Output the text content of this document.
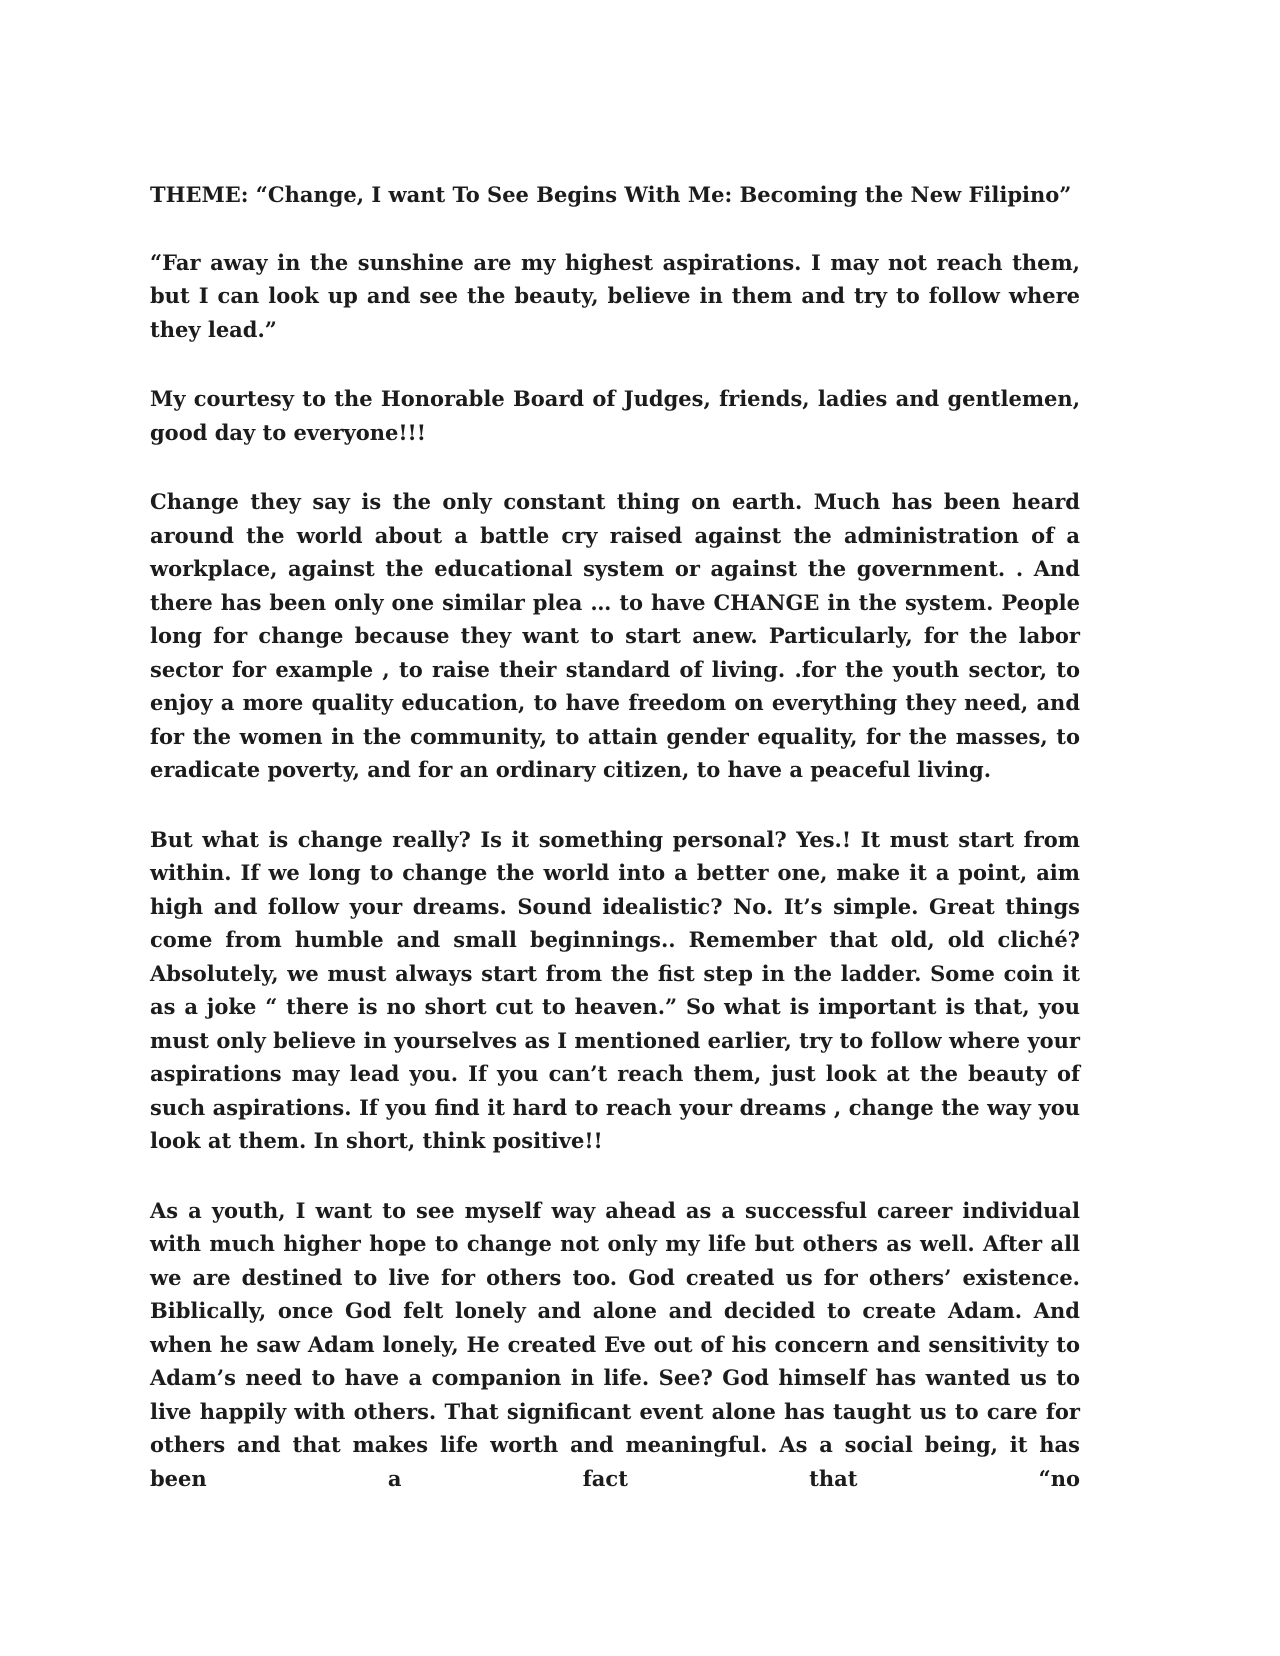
THEME: “Change, I want To See Begins With Me: Becoming the New Filipino”

“Far away in the sunshine are my highest aspirations. I may not reach them, but I can look up and see the beauty, believe in them and try to follow where they lead.”

My courtesy to the Honorable Board of Judges, friends, ladies and gentlemen, good day to everyone!!!

Change they say is the only constant thing on earth. Much has been heard around the world about a battle cry raised against the administration of a workplace, against the educational system or against the government. . And there has been only one similar plea … to have CHANGE in the system. People long for change because they want to start anew. Particularly, for the labor sector for example , to raise their standard of living. .for the youth sector, to enjoy a more quality education, to have freedom on everything they need, and for the women in the community, to attain gender equality, for the masses, to eradicate poverty, and for an ordinary citizen, to have a peaceful living.

But what is change really? Is it something personal? Yes.! It must start from within. If we long to change the world into a better one, make it a point, aim high and follow your dreams. Sound idealistic? No. It’s simple. Great things come from humble and small beginnings.. Remember that old, old cliché? Absolutely, we must always start from the fist step in the ladder. Some coin it as a joke “ there is no short cut to heaven.” So what is important is that, you must only believe in yourselves as I mentioned earlier, try to follow where your aspirations may lead you. If you can’t reach them, just look at the beauty of such aspirations. If you find it hard to reach your dreams , change the way you look at them. In short, think positive!!

As a youth, I want to see myself way ahead as a successful career individual with much higher hope to change not only my life but others as well. After all we are destined to live for others too. God created us for others’ existence. Biblically, once God felt lonely and alone and decided to create Adam. And when he saw Adam lonely, He created Eve out of his concern and sensitivity to Adam’s need to have a companion in life. See? God himself has wanted us to live happily with others. That significant event alone has taught us to care for others and that makes life worth and meaningful. As a social being, it has been a fact that “no
